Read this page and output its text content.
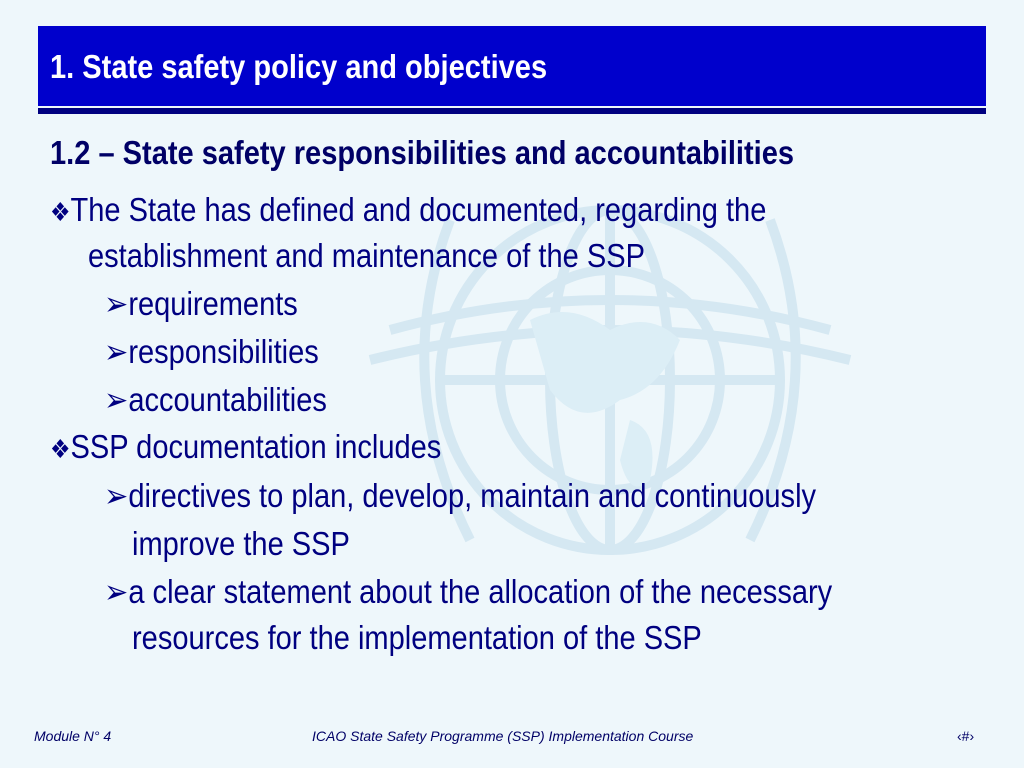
1. State safety policy and objectives
1.2 – State safety responsibilities and accountabilities
❖The State has defined and documented, regarding the
establishment and maintenance of the SSP
➢requirements
➢responsibilities
➢accountabilities
❖SSP documentation includes
➢directives to plan, develop, maintain and continuously
improve the SSP
➢a clear statement about the allocation of the necessary
resources for the implementation of the SSP
Module N° 4	ICAO State Safety Programme (SSP) Implementation Course	‹#›
